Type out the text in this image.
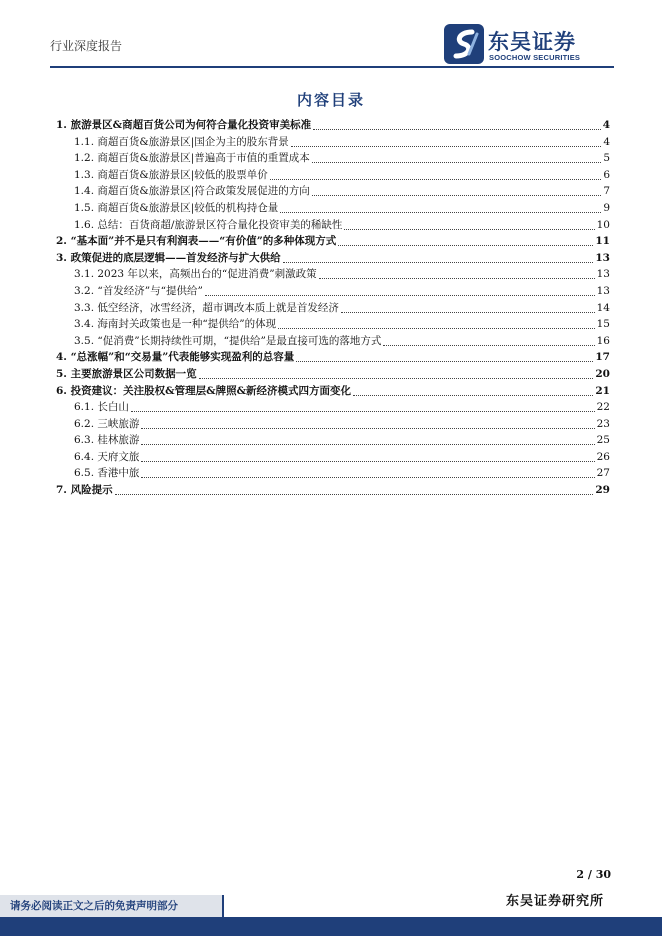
行业深度报告	东吴证券
SOOCHOW SECURITIES
内容目录
1. 旅游景区&商超百货公司为何符合量化投资审美标准	4
1.1. 商超百货&旅游景区|国企为主的股东背景	4
1.2. 商超百货&旅游景区|普遍高于市值的重置成本	5
1.3. 商超百货&旅游景区|较低的股票单价	6
1.4. 商超百货&旅游景区|符合政策发展促进的方向	7
1.5. 商超百货&旅游景区|较低的机构持仓量	9
1.6. 总结：百货商超/旅游景区符合量化投资审美的稀缺性	10
2. “基本面”并不是只有利润表——“有价值”的多种体现方式	11
3. 政策促进的底层逻辑——首发经济与扩大供给	13
3.1. 2023 年以来，高频出台的“促进消费”刺激政策	13
3.2. “首发经济”与“提供给”	13
3.3. 低空经济，冰雪经济，超市调改本质上就是首发经济	14
3.4. 海南封关政策也是一种“提供给”的体现	15
3.5. “促消费”长期持续性可期，“提供给”是最直接可选的落地方式	16
4. “总涨幅”和“交易量”代表能够实现盈利的总容量	17
5. 主要旅游景区公司数据一览	20
6. 投资建议：关注股权&管理层&牌照&新经济模式四方面变化	21
6.1. 长白山	22
6.2. 三峡旅游	23
6.3. 桂林旅游	25
6.4. 天府文旅	26
6.5. 香港中旅	27
7. 风险提示	29
2 / 30
请务必阅读正文之后的免责声明部分	东吴证券研究所
